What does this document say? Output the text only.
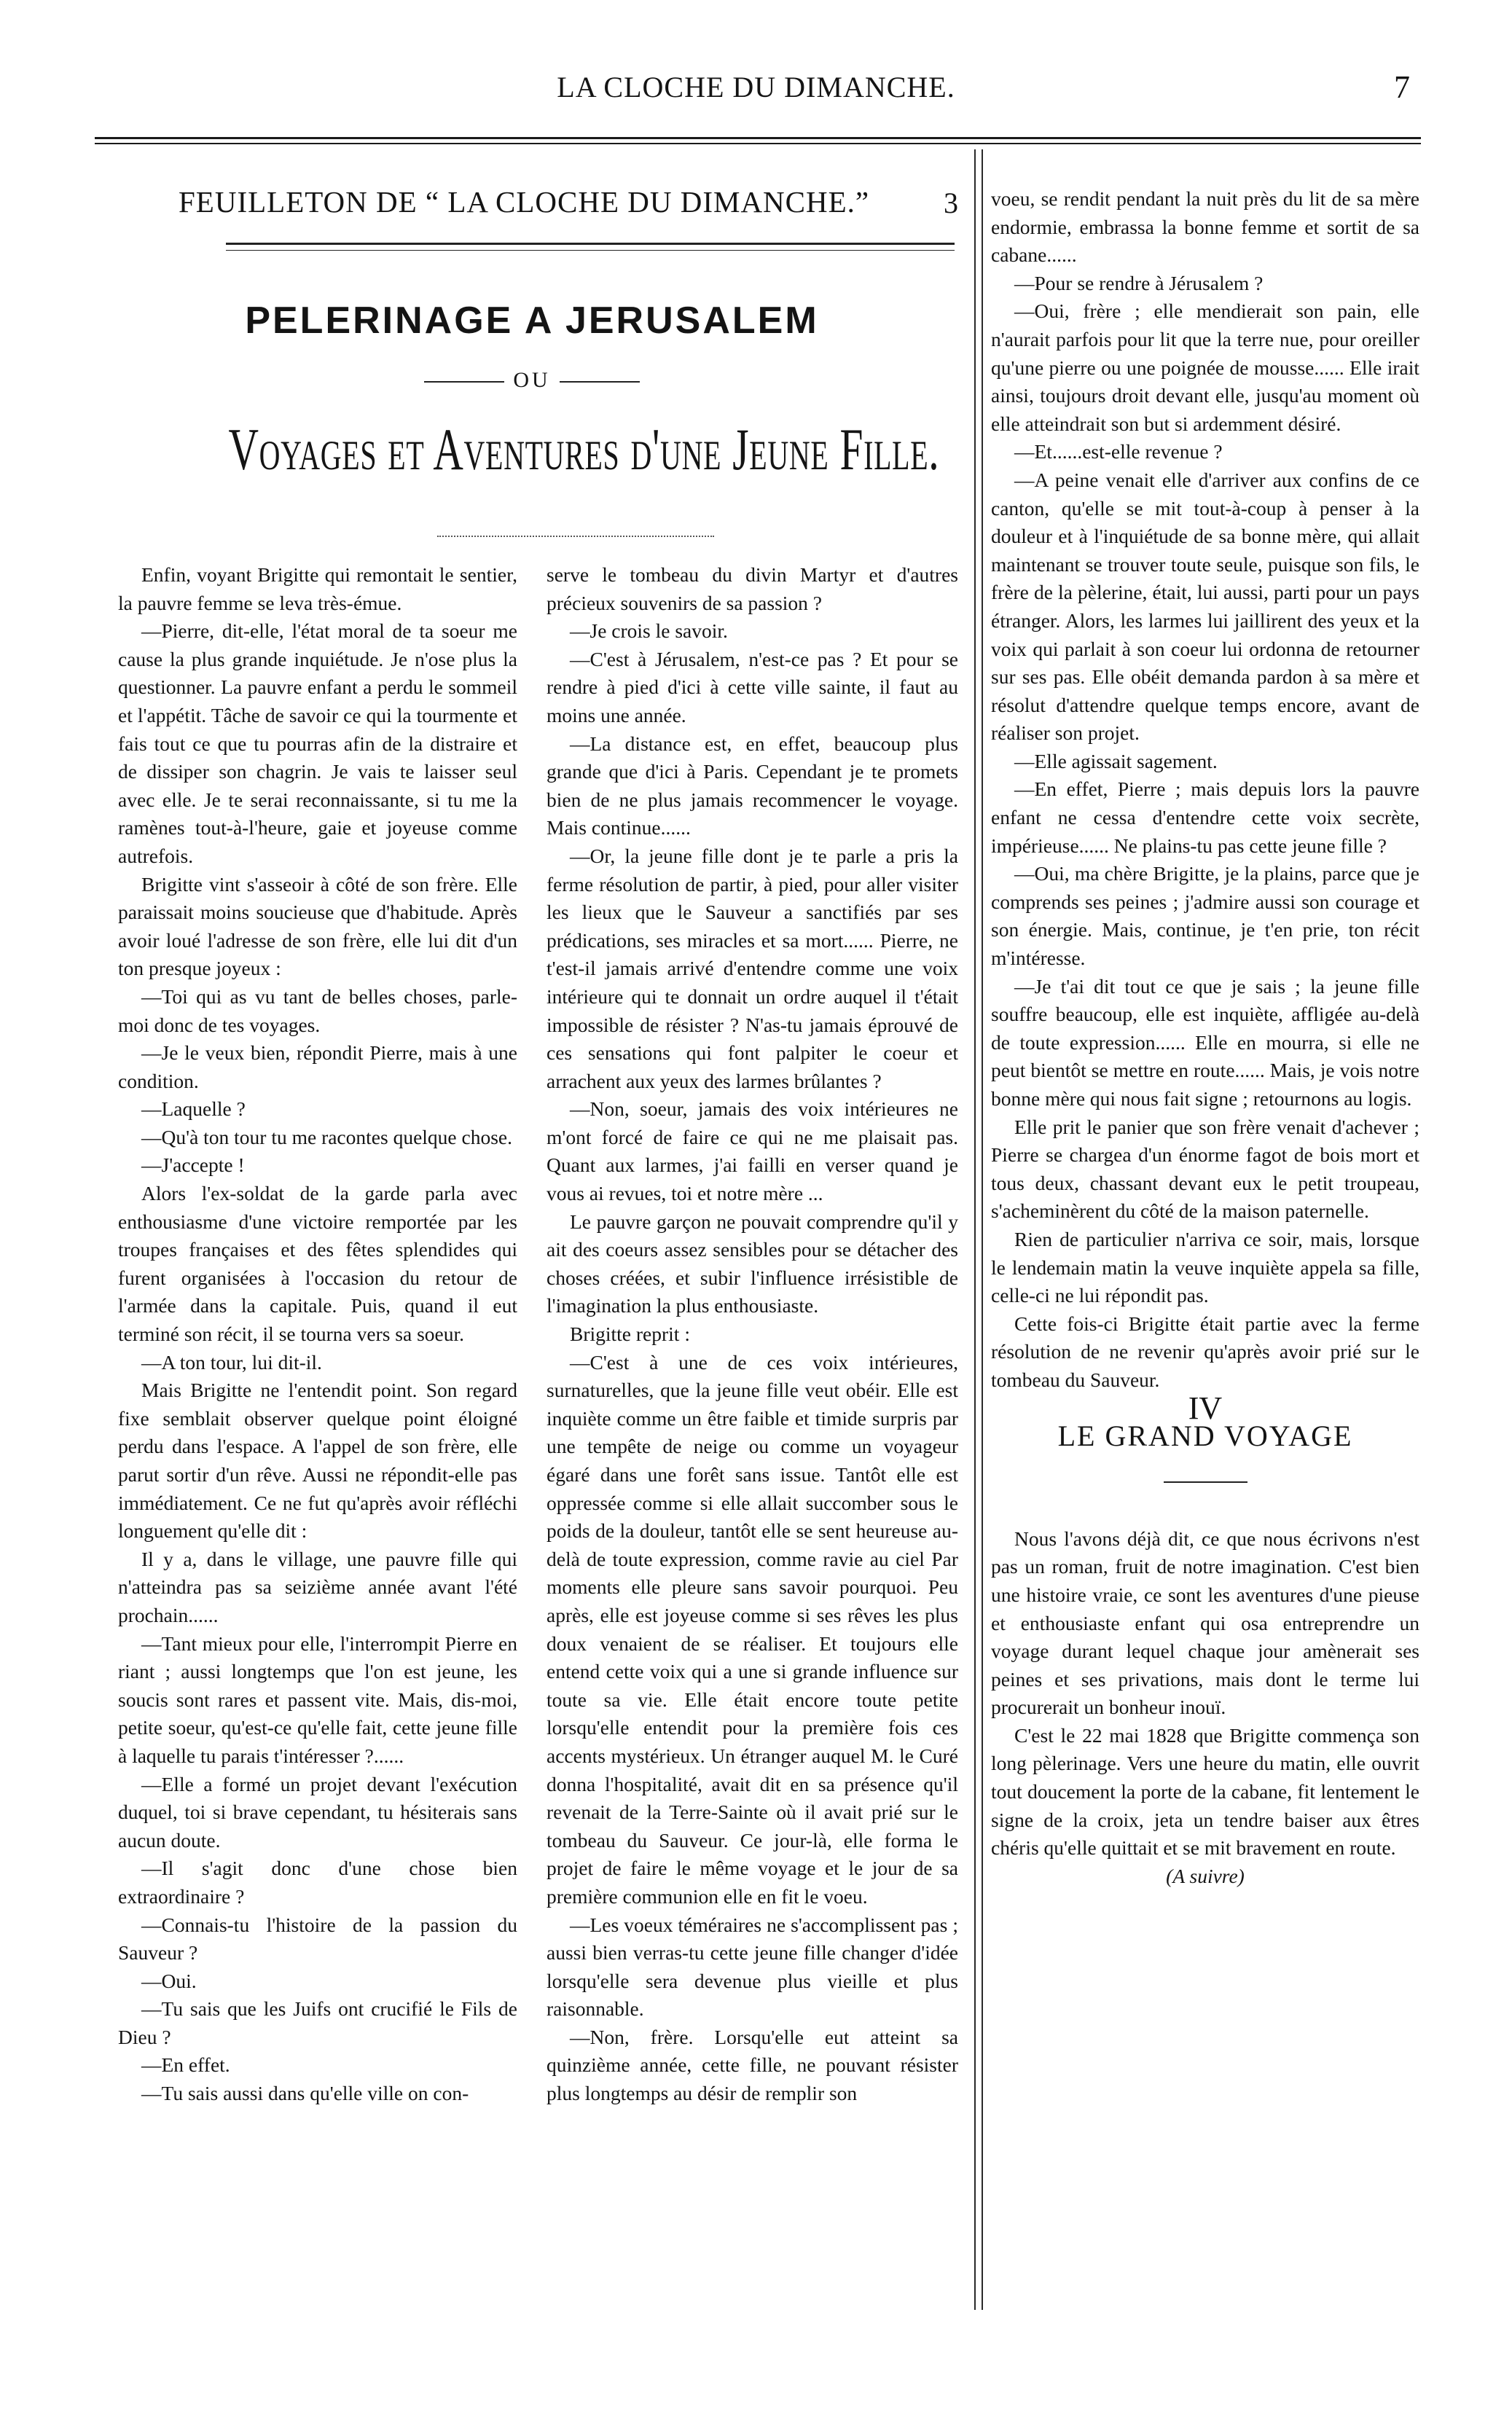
LA CLOCHE DU DIMANCHE.	7
FEUILLETON DE “ LA CLOCHE DU DIMANCHE.”	3
PELERINAGE A JERUSALEM
OU
Voyages et Aventures d'une Jeune Fille.

Enfin, voyant Brigitte qui remontait le sentier, la pauvre femme se leva très-émue.

—Pierre, dit-elle, l'état moral de ta soeur me cause la plus grande inquiétude. Je n'ose plus la questionner. La pauvre enfant a perdu le sommeil et l'appétit. Tâche de savoir ce qui la tourmente et fais tout ce que tu pourras afin de la distraire et de dissiper son chagrin. Je vais te laisser seul avec elle. Je te serai reconnaissante, si tu me la ramènes tout-à-l'heure, gaie et joyeuse comme autrefois.

Brigitte vint s'asseoir à côté de son frère. Elle paraissait moins soucieuse que d'habitude. Après avoir loué l'adresse de son frère, elle lui dit d'un ton presque joyeux :

—Toi qui as vu tant de belles choses, parle-moi donc de tes voyages.

—Je le veux bien, répondit Pierre, mais à une condition.

—Laquelle ?

—Qu'à ton tour tu me racontes quelque chose.

—J'accepte !

Alors l'ex-soldat de la garde parla avec enthousiasme d'une victoire remportée par les troupes françaises et des fêtes splendides qui furent organisées à l'occasion du retour de l'armée dans la capitale. Puis, quand il eut terminé son récit, il se tourna vers sa soeur.

—A ton tour, lui dit-il.

Mais Brigitte ne l'entendit point. Son regard fixe semblait observer quelque point éloigné perdu dans l'espace. A l'appel de son frère, elle parut sortir d'un rêve. Aussi ne répondit-elle pas immédiatement. Ce ne fut qu'après avoir réfléchi longuement qu'elle dit :

Il y a, dans le village, une pauvre fille qui n'atteindra pas sa seizième année avant l'été prochain......

—Tant mieux pour elle, l'interrompit Pierre en riant ; aussi longtemps que l'on est jeune, les soucis sont rares et passent vite. Mais, dis-moi, petite soeur, qu'est-ce qu'elle fait, cette jeune fille à laquelle tu parais t'intéresser ?......

—Elle a formé un projet devant l'exécution duquel, toi si brave cependant, tu hésiterais sans aucun doute.

—Il s'agit donc d'une chose bien extraordinaire ?

—Connais-tu l'histoire de la passion du Sauveur ?

—Oui.

—Tu sais que les Juifs ont crucifié le Fils de Dieu ?

—En effet.

—Tu sais aussi dans qu'elle ville on con-

serve le tombeau du divin Martyr et d'autres précieux souvenirs de sa passion ?

—Je crois le savoir.

—C'est à Jérusalem, n'est-ce pas ? Et pour se rendre à pied d'ici à cette ville sainte, il faut au moins une année.

—La distance est, en effet, beaucoup plus grande que d'ici à Paris. Cependant je te promets bien de ne plus jamais recommencer le voyage. Mais continue......

—Or, la jeune fille dont je te parle a pris la ferme résolution de partir, à pied, pour aller visiter les lieux que le Sauveur a sanctifiés par ses prédications, ses miracles et sa mort...... Pierre, ne t'est-il jamais arrivé d'entendre comme une voix intérieure qui te donnait un ordre auquel il t'était impossible de résister ? N'as-tu jamais éprouvé de ces sensations qui font palpiter le coeur et arrachent aux yeux des larmes brûlantes ?

—Non, soeur, jamais des voix intérieures ne m'ont forcé de faire ce qui ne me plaisait pas. Quant aux larmes, j'ai failli en verser quand je vous ai revues, toi et notre mère ...

Le pauvre garçon ne pouvait comprendre qu'il y ait des coeurs assez sensibles pour se détacher des choses créées, et subir l'influence irrésistible de l'imagination la plus enthousiaste.

Brigitte reprit :

—C'est à une de ces voix intérieures, surnaturelles, que la jeune fille veut obéir. Elle est inquiète comme un être faible et timide surpris par une tempête de neige ou comme un voyageur égaré dans une forêt sans issue. Tantôt elle est oppressée comme si elle allait succomber sous le poids de la douleur, tantôt elle se sent heureuse au-delà de toute expression, comme ravie au ciel Par moments elle pleure sans savoir pourquoi. Peu après, elle est joyeuse comme si ses rêves les plus doux venaient de se réaliser. Et toujours elle entend cette voix qui a une si grande influence sur toute sa vie. Elle était encore toute petite lorsqu'elle entendit pour la première fois ces accents mystérieux. Un étranger auquel M. le Curé donna l'hospitalité, avait dit en sa présence qu'il revenait de la Terre-Sainte où il avait prié sur le tombeau du Sauveur. Ce jour-là, elle forma le projet de faire le même voyage et le jour de sa première communion elle en fit le voeu.

—Les voeux téméraires ne s'accomplissent pas ; aussi bien verras-tu cette jeune fille changer d'idée lorsqu'elle sera devenue plus vieille et plus raisonnable.

—Non, frère. Lorsqu'elle eut atteint sa quinzième année, cette fille, ne pouvant résister plus longtemps au désir de remplir son

voeu, se rendit pendant la nuit près du lit de sa mère endormie, embrassa la bonne femme et sortit de sa cabane......

—Pour se rendre à Jérusalem ?

—Oui, frère ; elle mendierait son pain, elle n'aurait parfois pour lit que la terre nue, pour oreiller qu'une pierre ou une poignée de mousse...... Elle irait ainsi, toujours droit devant elle, jusqu'au moment où elle atteindrait son but si ardemment désiré.

—Et......est-elle revenue ?

—A peine venait elle d'arriver aux confins de ce canton, qu'elle se mit tout-à-coup à penser à la douleur et à l'inquiétude de sa bonne mère, qui allait maintenant se trouver toute seule, puisque son fils, le frère de la pèlerine, était, lui aussi, parti pour un pays étranger. Alors, les larmes lui jaillirent des yeux et la voix qui parlait à son coeur lui ordonna de retourner sur ses pas. Elle obéit demanda pardon à sa mère et résolut d'attendre quelque temps encore, avant de réaliser son projet.

—Elle agissait sagement.

—En effet, Pierre ; mais depuis lors la pauvre enfant ne cessa d'entendre cette voix secrète, impérieuse...... Ne plains-tu pas cette jeune fille ?

—Oui, ma chère Brigitte, je la plains, parce que je comprends ses peines ; j'admire aussi son courage et son énergie. Mais, continue, je t'en prie, ton récit m'intéresse.

—Je t'ai dit tout ce que je sais ; la jeune fille souffre beaucoup, elle est inquiète, affligée au-delà de toute expression...... Elle en mourra, si elle ne peut bientôt se mettre en route...... Mais, je vois notre bonne mère qui nous fait signe ; retournons au logis.

Elle prit le panier que son frère venait d'achever ; Pierre se chargea d'un énorme fagot de bois mort et tous deux, chassant devant eux le petit troupeau, s'acheminèrent du côté de la maison paternelle.

Rien de particulier n'arriva ce soir, mais, lorsque le lendemain matin la veuve inquiète appela sa fille, celle-ci ne lui répondit pas.

Cette fois-ci Brigitte était partie avec la ferme résolution de ne revenir qu'après avoir prié sur le tombeau du Sauveur.

IV

LE GRAND VOYAGE

Nous l'avons déjà dit, ce que nous écrivons n'est pas un roman, fruit de notre imagination. C'est bien une histoire vraie, ce sont les aventures d'une pieuse et enthousiaste enfant qui osa entreprendre un voyage durant lequel chaque jour amènerait ses peines et ses privations, mais dont le terme lui procurerait un bonheur inouï.

C'est le 22 mai 1828 que Brigitte commença son long pèlerinage. Vers une heure du matin, elle ouvrit tout doucement la porte de la cabane, fit lentement le signe de la croix, jeta un tendre baiser aux êtres chéris qu'elle quittait et se mit bravement en route.

(A suivre)
